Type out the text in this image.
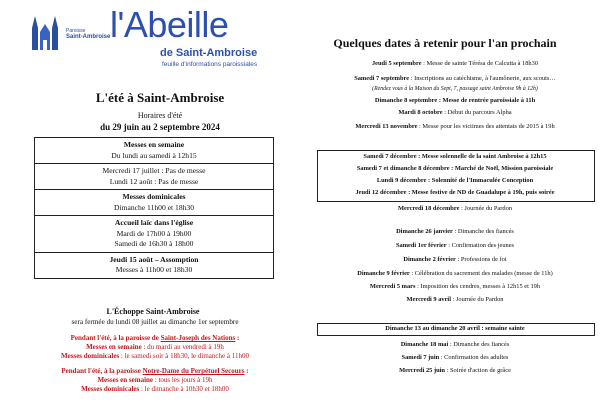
Paroisse
Saint-Ambroise l'Abeille
de Saint-Ambroise
feuille d'informations paroissiales
L'été à Saint-Ambroise
Horaires d'été
du 29 juin au 2 septembre 2024
Messes en semaine
Du lundi au samedi à 12h15
Mercredi 17 juillet : Pas de messe
Lundi 12 août : Pas de messe
Messes dominicales
Dimanche 11h00 et 18h30
Accueil laïc dans l'église
Mardi de 17h00 à 19h00
Samedi de 16h30 à 18h00
Jeudi 15 août – Assomption
Messes à 11h00 et 18h30
L'Échoppe Saint-Ambroise
sera fermée du lundi 08 juillet au dimanche 1er septembre
Pendant l'été, à la paroisse de Saint-Joseph des Nations :
Messes en semaine : du mardi au vendredi à 19h
Messes dominicales : le samedi soir à 18h30, le dimanche à 11h00
Pendant l'été, à la paroisse Notre-Dame du Perpétuel Secours :
Messes en semaine : tous les jours à 19h
Messes dominicales : le dimanche à 10h30 et 18h00
Quelques dates à retenir pour l'an prochain
Jeudi 5 septembre : Messe de sainte Térésa de Calcutta à 18h30
Samedi 7 septembre : Inscriptions au catéchisme, à l'aumônerie, aux scouts…
(Rendez vous à la Maison du Sept, 7, passage saint Ambroise 9h à 12h)
Dimanche 8 septembre : Messe de rentrée paroissiale à 11h
Mardi 8 octobre : Début du parcours Alpha
Mercredi 13 novembre : Messe pour les victimes des attentats de 2015 à 19h
Samedi 7 décembre : Messe solennelle de la saint Ambroise à 12h15
Samedi 7 et dimanche 8 décembre : Marché de Noël, Mission paroissiale
Lundi 9 décembre : Solennité de l'Immaculée Conception
Jeudi 12 décembre : Messe festive de ND de Guadalupe à 19h, puis soirée
Mercredi 18 décembre : Journée du Pardon
Dimanche 26 janvier : Dimanche des fiancés
Samedi 1er février : Confirmation des jeunes
Dimanche 2 février : Professions de foi
Dimanche 9 février : Célébration du sacrement des malades (messe de 11h)
Mercredi 5 mars : Imposition des cendres, messes à 12h15 et 19h
Mercredi 9 avril : Journée du Pardon
Dimanche 13 au dimanche 20 avril : semaine sainte
Dimanche 18 mai : Dimanche des fiancés
Samedi 7 juin : Confirmation des adultes
Mercredi 25 juin : Soirée d'action de grâce
